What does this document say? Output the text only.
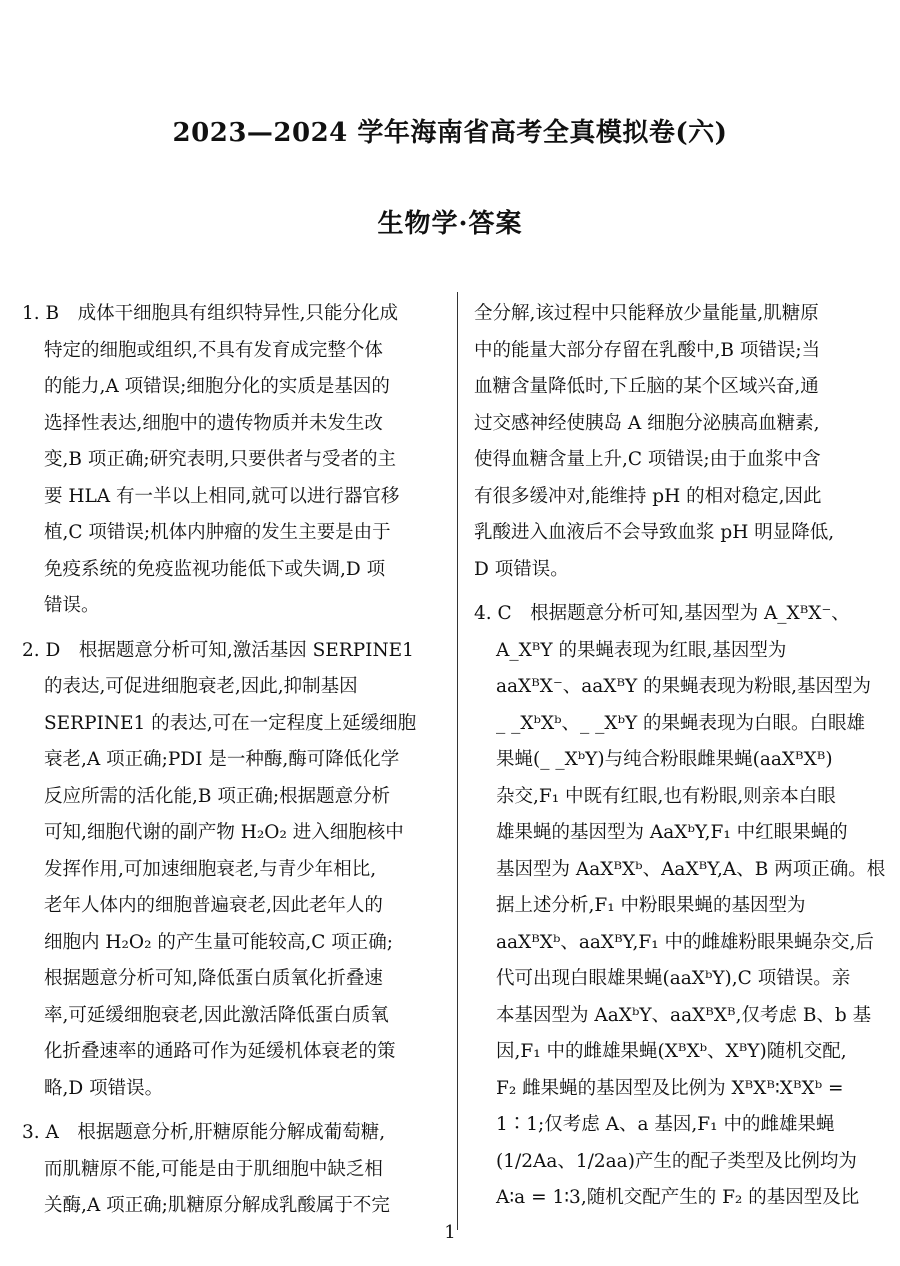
2023—2024 学年海南省高考全真模拟卷(六)
生物学·答案
1. B　成体干细胞具有组织特异性,只能分化成
特定的细胞或组织,不具有发育成完整个体
的能力,A 项错误;细胞分化的实质是基因的
选择性表达,细胞中的遗传物质并未发生改
变,B 项正确;研究表明,只要供者与受者的主
要 HLA 有一半以上相同,就可以进行器官移
植,C 项错误;机体内肿瘤的发生主要是由于
免疫系统的免疫监视功能低下或失调,D 项
错误。
2. D　根据题意分析可知,激活基因 SERPINE1
的表达,可促进细胞衰老,因此,抑制基因
SERPINE1 的表达,可在一定程度上延缓细胞
衰老,A 项正确;PDI 是一种酶,酶可降低化学
反应所需的活化能,B 项正确;根据题意分析
可知,细胞代谢的副产物 H₂O₂ 进入细胞核中
发挥作用,可加速细胞衰老,与青少年相比,
老年人体内的细胞普遍衰老,因此老年人的
细胞内 H₂O₂ 的产生量可能较高,C 项正确;
根据题意分析可知,降低蛋白质氧化折叠速
率,可延缓细胞衰老,因此激活降低蛋白质氧
化折叠速率的通路可作为延缓机体衰老的策
略,D 项错误。
3. A　根据题意分析,肝糖原能分解成葡萄糖,
而肌糖原不能,可能是由于肌细胞中缺乏相
关酶,A 项正确;肌糖原分解成乳酸属于不完
全分解,该过程中只能释放少量能量,肌糖原
中的能量大部分存留在乳酸中,B 项错误;当
血糖含量降低时,下丘脑的某个区域兴奋,通
过交感神经使胰岛 A 细胞分泌胰高血糖素,
使得血糖含量上升,C 项错误;由于血浆中含
有很多缓冲对,能维持 pH 的相对稳定,因此
乳酸进入血液后不会导致血浆 pH 明显降低,
D 项错误。
4. C　根据题意分析可知,基因型为 A_XᴮX⁻、
A_XᴮY 的果蝇表现为红眼,基因型为
aaXᴮX⁻、aaXᴮY 的果蝇表现为粉眼,基因型为
_ _XᵇXᵇ、_ _XᵇY 的果蝇表现为白眼。白眼雄
果蝇(_ _XᵇY)与纯合粉眼雌果蝇(aaXᴮXᴮ)
杂交,F₁ 中既有红眼,也有粉眼,则亲本白眼
雄果蝇的基因型为 AaXᵇY,F₁ 中红眼果蝇的
基因型为 AaXᴮXᵇ、AaXᴮY,A、B 两项正确。根
据上述分析,F₁ 中粉眼果蝇的基因型为
aaXᴮXᵇ、aaXᴮY,F₁ 中的雌雄粉眼果蝇杂交,后
代可出现白眼雄果蝇(aaXᵇY),C 项错误。亲
本基因型为 AaXᵇY、aaXᴮXᴮ,仅考虑 B、b 基
因,F₁ 中的雌雄果蝇(XᴮXᵇ、XᴮY)随机交配,
F₂ 雌果蝇的基因型及比例为 XᴮXᴮ∶XᴮXᵇ =
1∶1;仅考虑 A、a 基因,F₁ 中的雌雄果蝇
(1/2Aa、1/2aa)产生的配子类型及比例均为
A∶a = 1∶3,随机交配产生的 F₂ 的基因型及比
1
